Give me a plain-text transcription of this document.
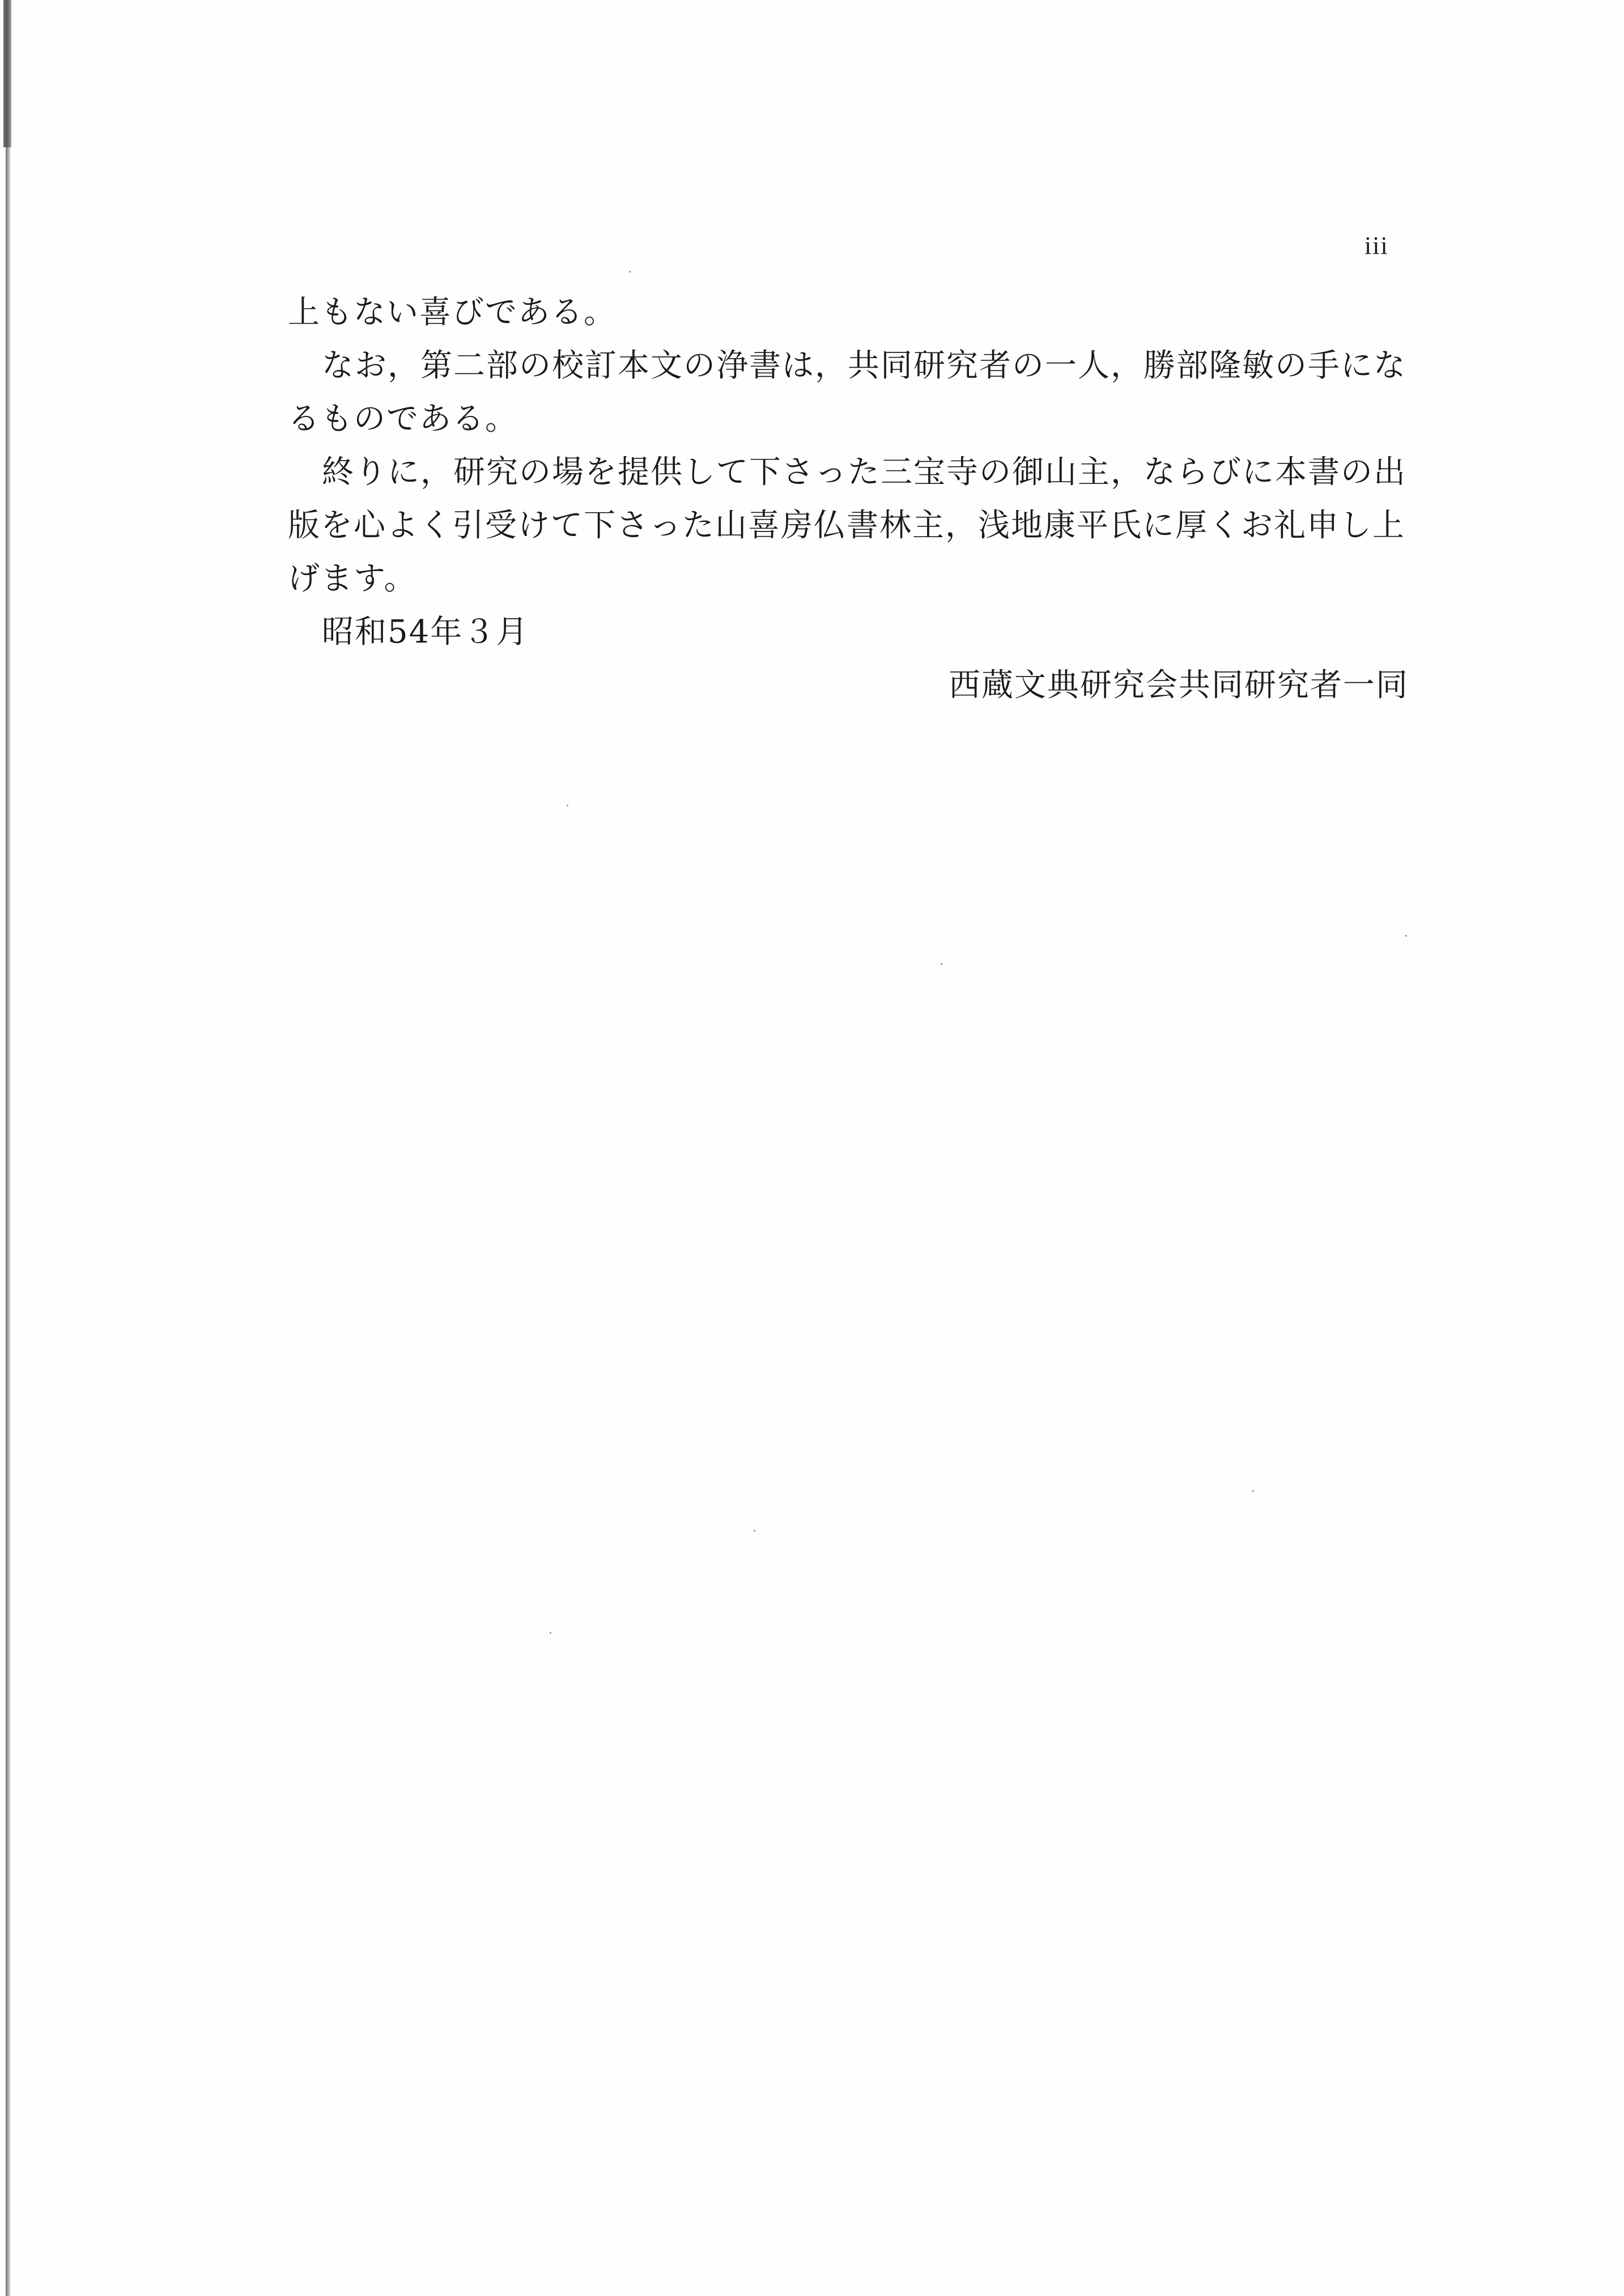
iii

上もない喜びである。

なお，第二部の校訂本文の浄書は，共同研究者の一人，勝部隆敏の手にな

るものである。

終りに，研究の場を提供して下さった三宝寺の御山主，ならびに本書の出

版を心よく引受けて下さった山喜房仏書林主，浅地康平氏に厚くお礼申し上

げます。

昭和54年３月

西蔵文典研究会共同研究者一同
